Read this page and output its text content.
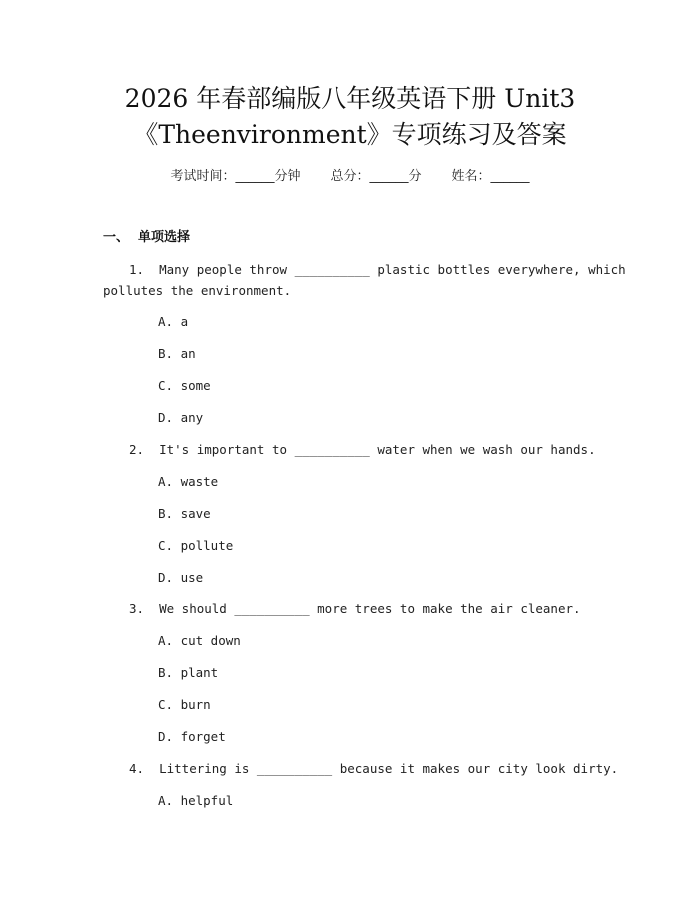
2026 年春部编版八年级英语下册 Unit3
《Theenvironment》专项练习及答案
考试时间：______分钟 总分：______分 姓名：______
一、  单项选择
1.  Many people throw __________ plastic bottles everywhere, which
pollutes the environment.
A. a
B. an
C. some
D. any
2.  It's important to __________ water when we wash our hands.
A. waste
B. save
C. pollute
D. use
3.  We should __________ more trees to make the air cleaner.
A. cut down
B. plant
C. burn
D. forget
4.  Littering is __________ because it makes our city look dirty.
A. helpful
